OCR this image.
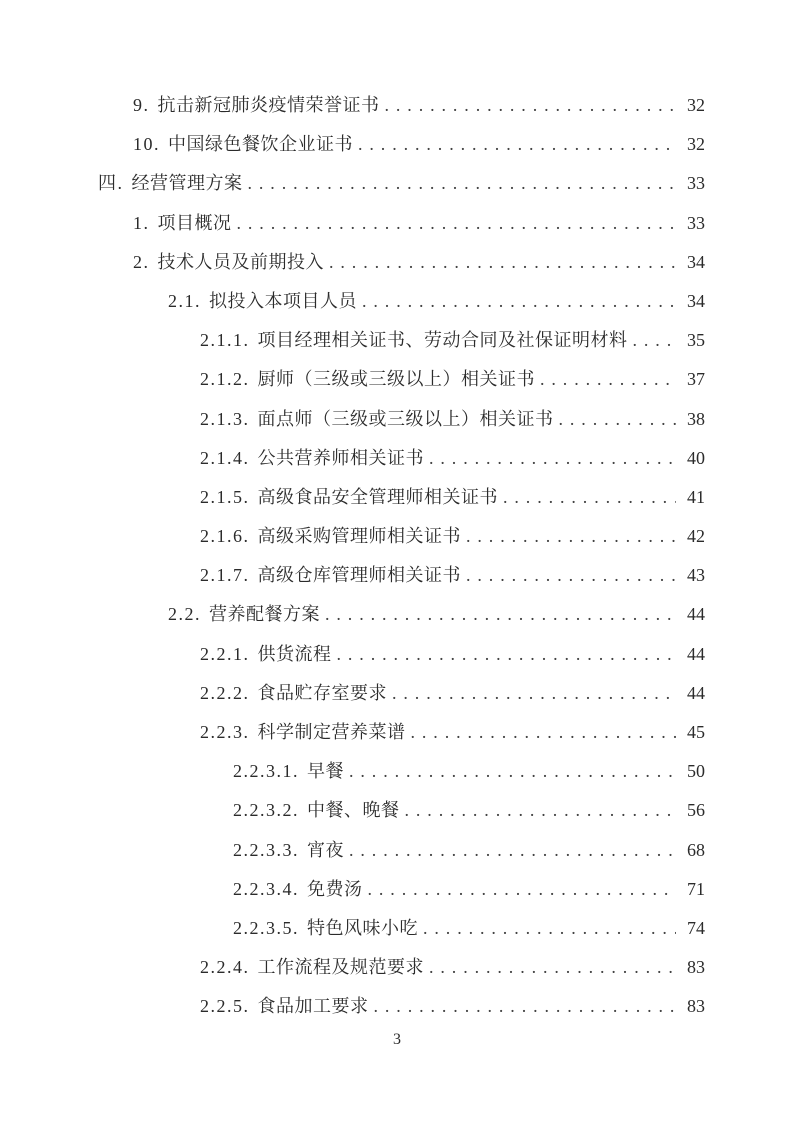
9. 抗击新冠肺炎疫情荣誉证书 . . .	32
10. 中国绿色餐饮企业证书 . . .	32
四. 经营管理方案 . . .	33
1. 项目概况 . . .	33
2. 技术人员及前期投入 . . .	34
2.1. 拟投入本项目人员 . . .	34
2.1.1. 项目经理相关证书、劳动合同及社保证明材料 . . .	35
2.1.2. 厨师（三级或三级以上）相关证书 . . .	37
2.1.3. 面点师（三级或三级以上）相关证书 . . .	38
2.1.4. 公共营养师相关证书 . . .	40
2.1.5. 高级食品安全管理师相关证书 . . .	41
2.1.6. 高级采购管理师相关证书 . . .	42
2.1.7. 高级仓库管理师相关证书 . . .	43
2.2. 营养配餐方案 . . .	44
2.2.1. 供货流程 . . .	44
2.2.2. 食品贮存室要求 . . .	44
2.2.3. 科学制定营养菜谱 . . .	45
2.2.3.1. 早餐 . . .	50
2.2.3.2. 中餐、晚餐 . . .	56
2.2.3.3. 宵夜 . . .	68
2.2.3.4. 免费汤 . . .	71
2.2.3.5. 特色风味小吃 . . .	74
2.2.4. 工作流程及规范要求 . . .	83
2.2.5. 食品加工要求 . . .	83
3
